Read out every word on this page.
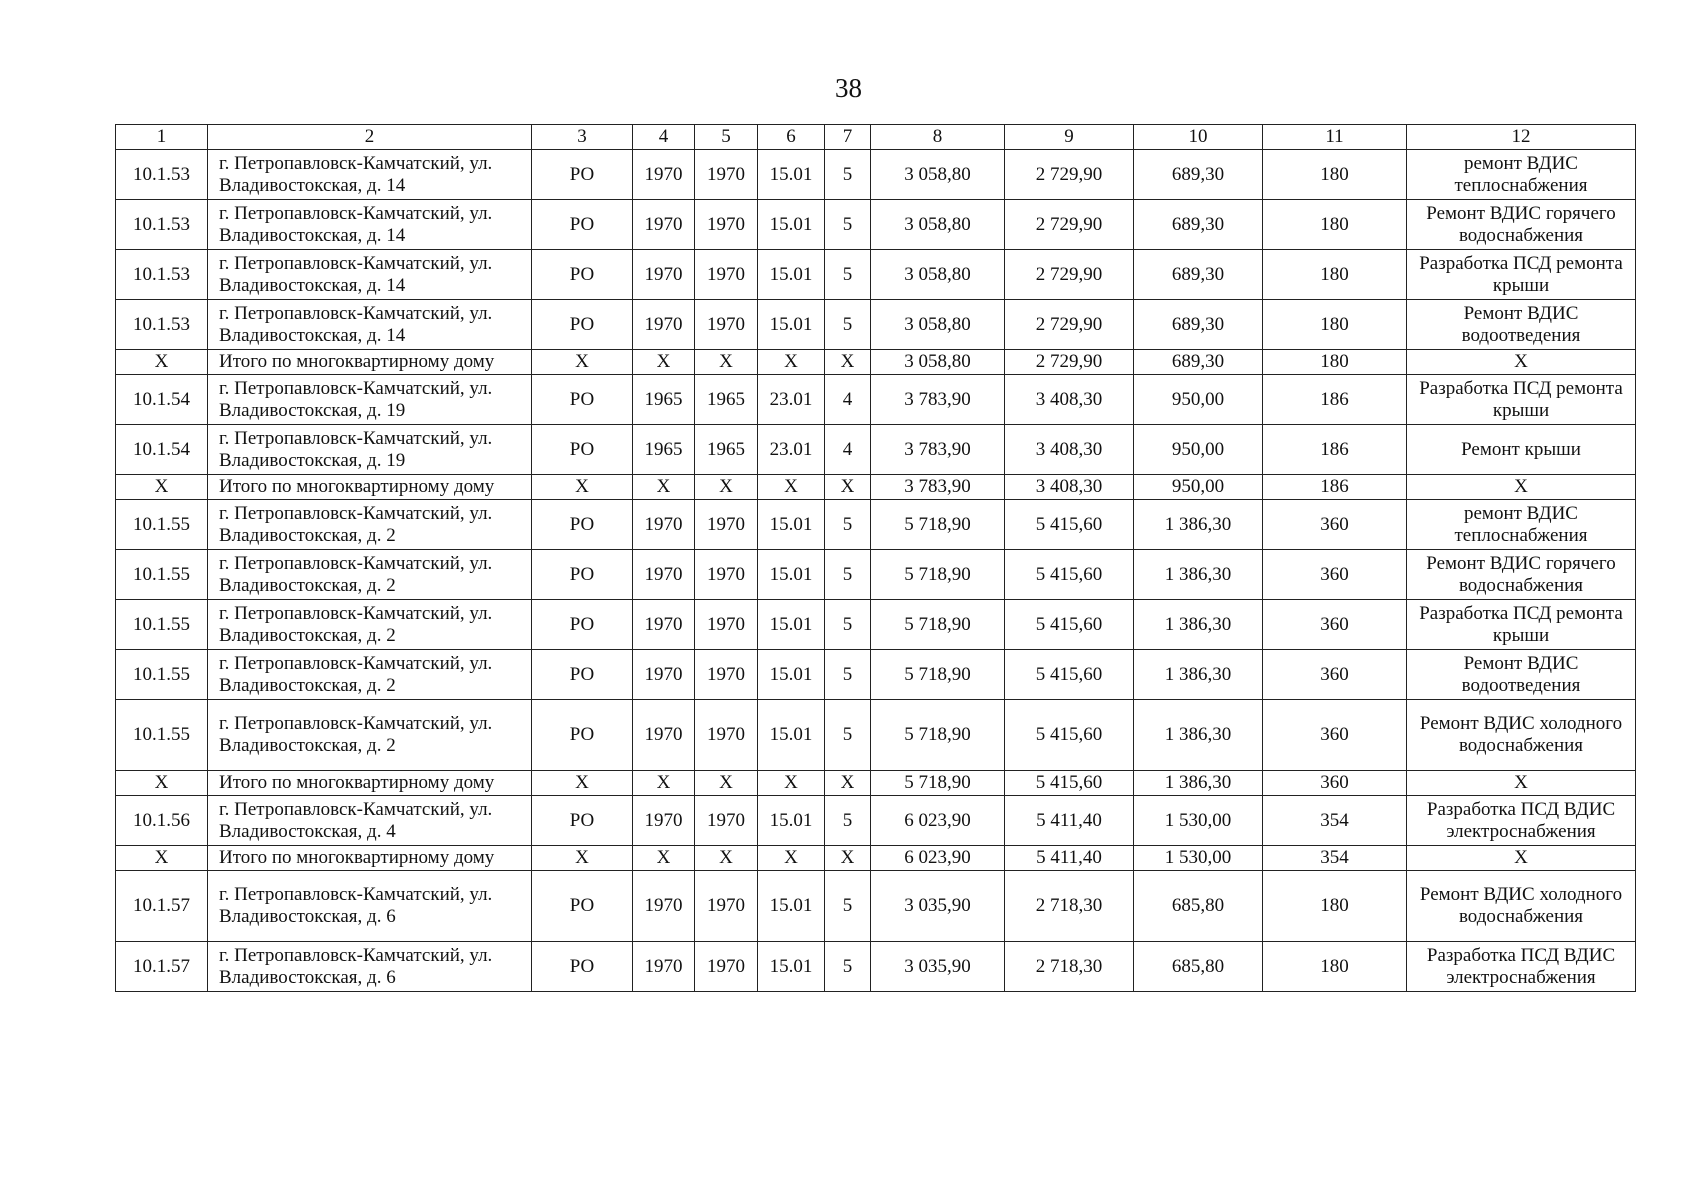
38
1	2	3	4	5	6	7	8	9	10	11	12
10.1.53	г. Петропавловск-Камчатский, ул. Владивостокская, д. 14	РО	1970	1970	15.01	5	3 058,80	2 729,90	689,30	180	ремонт ВДИС теплоснабжения
10.1.53	г. Петропавловск-Камчатский, ул. Владивостокская, д. 14	РО	1970	1970	15.01	5	3 058,80	2 729,90	689,30	180	Ремонт ВДИС горячего водоснабжения
10.1.53	г. Петропавловск-Камчатский, ул. Владивостокская, д. 14	РО	1970	1970	15.01	5	3 058,80	2 729,90	689,30	180	Разработка ПСД ремонта крыши
10.1.53	г. Петропавловск-Камчатский, ул. Владивостокская, д. 14	РО	1970	1970	15.01	5	3 058,80	2 729,90	689,30	180	Ремонт ВДИС водоотведения
Х	Итого по многоквартирному дому	Х	Х	Х	Х	Х	3 058,80	2 729,90	689,30	180	Х
10.1.54	г. Петропавловск-Камчатский, ул. Владивостокская, д. 19	РО	1965	1965	23.01	4	3 783,90	3 408,30	950,00	186	Разработка ПСД ремонта крыши
10.1.54	г. Петропавловск-Камчатский, ул. Владивостокская, д. 19	РО	1965	1965	23.01	4	3 783,90	3 408,30	950,00	186	Ремонт крыши
Х	Итого по многоквартирному дому	Х	Х	Х	Х	Х	3 783,90	3 408,30	950,00	186	Х
10.1.55	г. Петропавловск-Камчатский, ул. Владивостокская, д. 2	РО	1970	1970	15.01	5	5 718,90	5 415,60	1 386,30	360	ремонт ВДИС теплоснабжения
10.1.55	г. Петропавловск-Камчатский, ул. Владивостокская, д. 2	РО	1970	1970	15.01	5	5 718,90	5 415,60	1 386,30	360	Ремонт ВДИС горячего водоснабжения
10.1.55	г. Петропавловск-Камчатский, ул. Владивостокская, д. 2	РО	1970	1970	15.01	5	5 718,90	5 415,60	1 386,30	360	Разработка ПСД ремонта крыши
10.1.55	г. Петропавловск-Камчатский, ул. Владивостокская, д. 2	РО	1970	1970	15.01	5	5 718,90	5 415,60	1 386,30	360	Ремонт ВДИС водоотведения
10.1.55	г. Петропавловск-Камчатский, ул. Владивостокская, д. 2	РО	1970	1970	15.01	5	5 718,90	5 415,60	1 386,30	360	Ремонт ВДИС холодного водоснабжения
Х	Итого по многоквартирному дому	Х	Х	Х	Х	Х	5 718,90	5 415,60	1 386,30	360	Х
10.1.56	г. Петропавловск-Камчатский, ул. Владивостокская, д. 4	РО	1970	1970	15.01	5	6 023,90	5 411,40	1 530,00	354	Разработка ПСД ВДИС электроснабжения
Х	Итого по многоквартирному дому	Х	Х	Х	Х	Х	6 023,90	5 411,40	1 530,00	354	Х
10.1.57	г. Петропавловск-Камчатский, ул. Владивостокская, д. 6	РО	1970	1970	15.01	5	3 035,90	2 718,30	685,80	180	Ремонт ВДИС холодного водоснабжения
10.1.57	г. Петропавловск-Камчатский, ул. Владивостокская, д. 6	РО	1970	1970	15.01	5	3 035,90	2 718,30	685,80	180	Разработка ПСД ВДИС электроснабжения
